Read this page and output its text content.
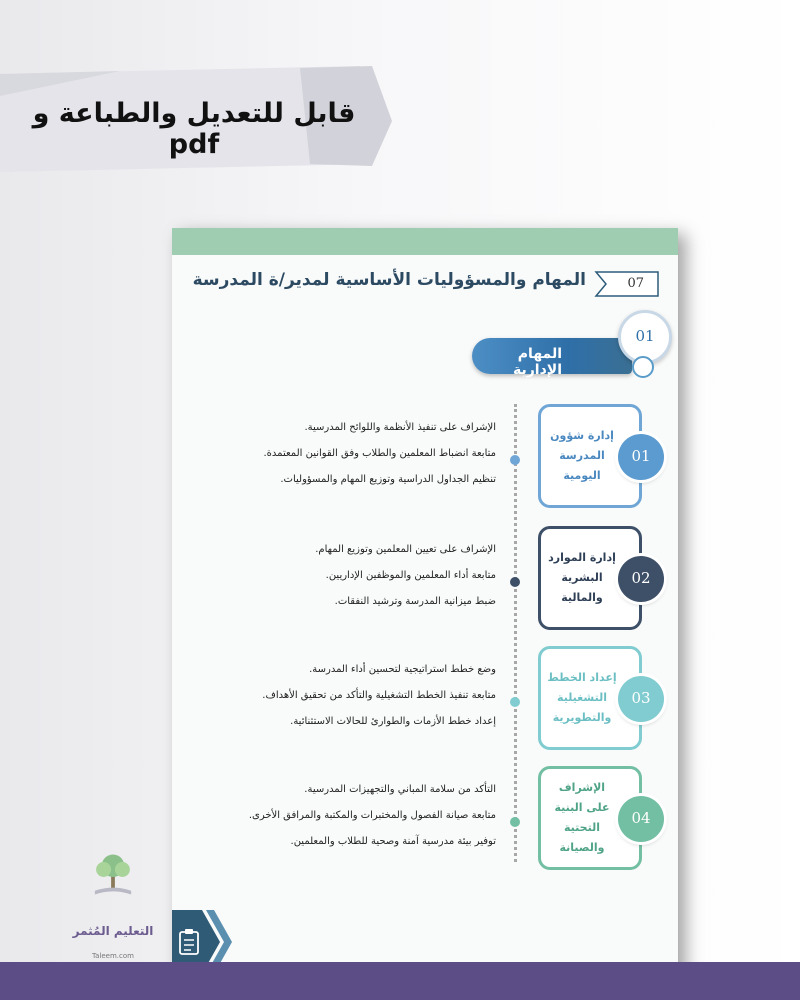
قابل للتعديل والطباعة و pdf
07
المهام والمسؤوليات الأساسية لمدير/ة المدرسة
المهام الإدارية
01
إدارة شؤون المدرسة اليومية
01
الإشراف على تنفيذ الأنظمة واللوائح المدرسية.
متابعة انضباط المعلمين والطلاب وفق القوانين المعتمدة.
تنظيم الجداول الدراسية وتوزيع المهام والمسؤوليات.
إدارة الموارد البشرية والمالية
02
الإشراف على تعيين المعلمين وتوزيع المهام.
متابعة أداء المعلمين والموظفين الإداريين.
ضبط ميزانية المدرسة وترشيد النفقات.
إعداد الخطط التشغيلية والتطويرية
03
وضع خطط استراتيجية لتحسين أداء المدرسة.
متابعة تنفيذ الخطط التشغيلية والتأكد من تحقيق الأهداف.
إعداد خطط الأزمات والطوارئ للحالات الاستثنائية.
الإشراف على البنية التحتية والصيانة
04
التأكد من سلامة المباني والتجهيزات المدرسية.
متابعة صيانة الفصول والمختبرات والمكتبة والمرافق الأخرى.
توفير بيئة مدرسية آمنة وصحية للطلاب والمعلمين.
التعليم المُثمر
Taleem.com
